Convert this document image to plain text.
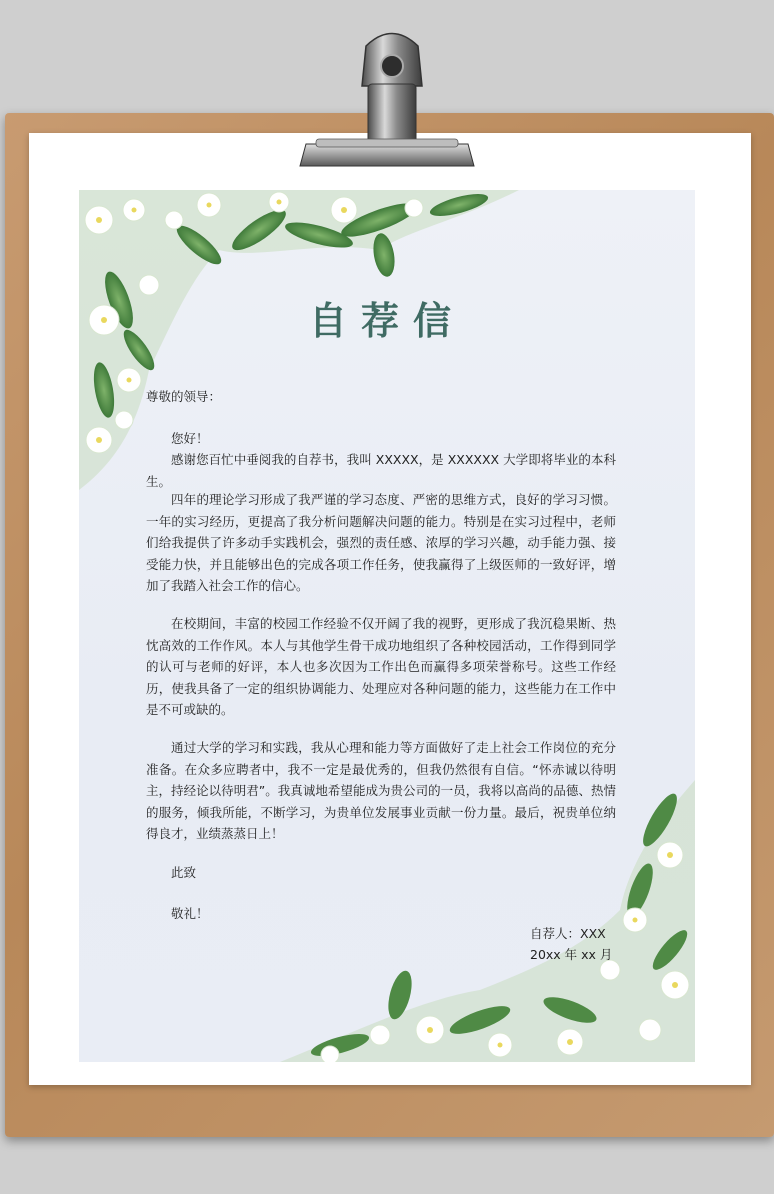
自荐信
尊敬的领导：
您好！
感谢您百忙中垂阅我的自荐书，我叫 XXXXX，是 XXXXXX 大学即将毕业的本科生。
四年的理论学习形成了我严谨的学习态度、严密的思维方式，良好的学习习惯。一年的实习经历，更提高了我分析问题解决问题的能力。特别是在实习过程中，老师们给我提供了许多动手实践机会，强烈的责任感、浓厚的学习兴趣，动手能力强、接受能力快，并且能够出色的完成各项工作任务，使我赢得了上级医师的一致好评，增加了我踏入社会工作的信心。
在校期间，丰富的校园工作经验不仅开阔了我的视野，更形成了我沉稳果断、热忱高效的工作作风。本人与其他学生骨干成功地组织了各种校园活动，工作得到同学的认可与老师的好评，本人也多次因为工作出色而赢得多项荣誉称号。这些工作经历，使我具备了一定的组织协调能力、处理应对各种问题的能力，这些能力在工作中是不可或缺的。
通过大学的学习和实践，我从心理和能力等方面做好了走上社会工作岗位的充分准备。在众多应聘者中，我不一定是最优秀的，但我仍然很有自信。“怀赤诚以待明主，持经论以待明君”。我真诚地希望能成为贵公司的一员，我将以高尚的品德、热情的服务，倾我所能，不断学习，为贵单位发展事业贡献一份力量。最后，祝贵单位纳得良才，业绩蒸蒸日上！
此致
敬礼！
自荐人：XXX
20xx 年 xx 月
